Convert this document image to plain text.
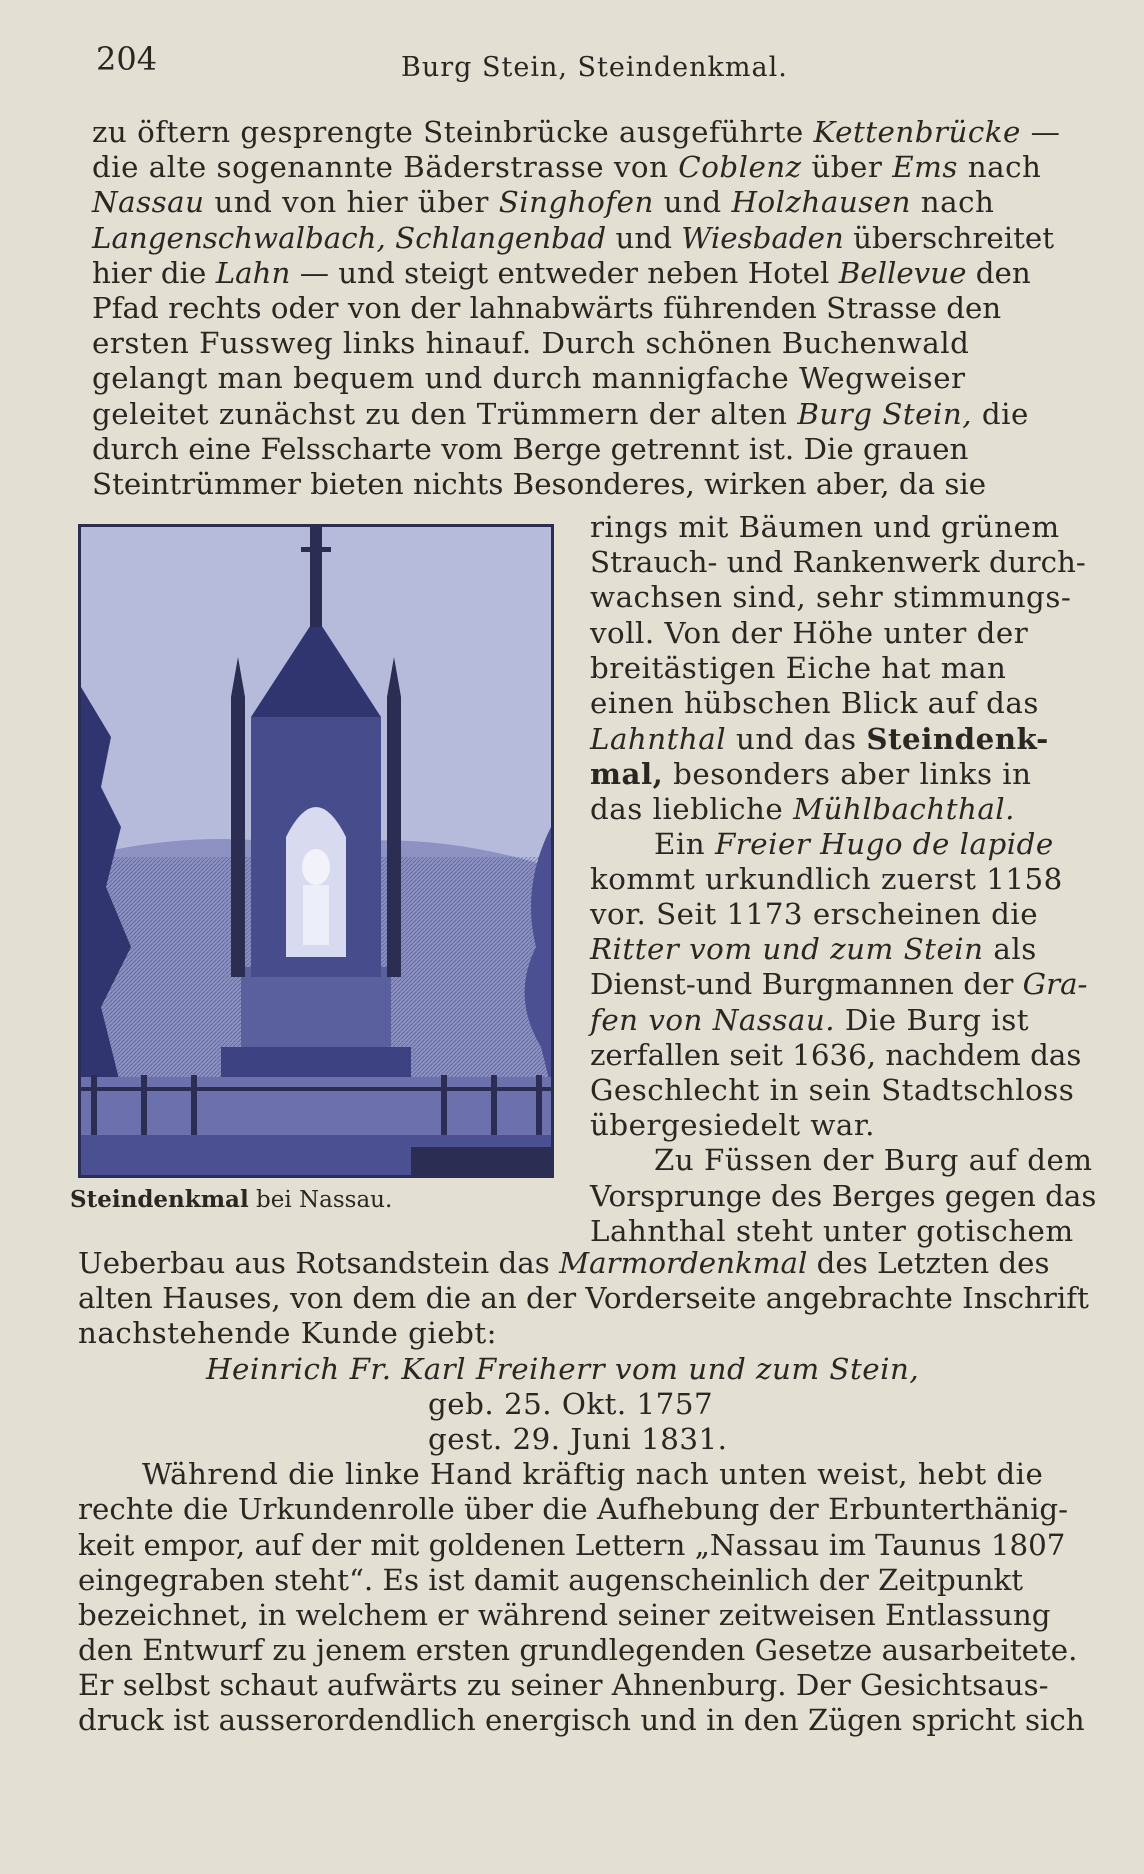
204	Burg Stein, Steindenkmal.
zu öftern gesprengte Steinbrücke ausgeführte Kettenbrücke —
die alte sogenannte Bäderstrasse von Coblenz über Ems nach
Nassau und von hier über Singhofen und Holzhausen nach
Langenschwalbach, Schlangenbad und Wiesbaden überschreitet
hier die Lahn — und steigt entweder neben Hotel Bellevue den
Pfad rechts oder von der lahnabwärts führenden Strasse den
ersten Fussweg links hinauf. Durch schönen Buchenwald
gelangt man bequem und durch mannigfache Wegweiser
geleitet zunächst zu den Trümmern der alten Burg Stein, die
durch eine Felsscharte vom Berge getrennt ist. Die grauen
Steintrümmer bieten nichts Besonderes, wirken aber, da sie
Steindenkmal bei Nassau.
rings mit Bäumen und grünem
Strauch- und Rankenwerk durch-
wachsen sind, sehr stimmungs-
voll. Von der Höhe unter der
breitästigen Eiche hat man
einen hübschen Blick auf das
Lahnthal und das Steindenk-
mal, besonders aber links in
das liebliche Mühlbachthal.
Ein Freier Hugo de lapide
kommt urkundlich zuerst 1158
vor. Seit 1173 erscheinen die
Ritter vom und zum Stein als
Dienst-und Burgmannen der Gra-
fen von Nassau. Die Burg ist
zerfallen seit 1636, nachdem das
Geschlecht in sein Stadtschloss
übergesiedelt war.
Zu Füssen der Burg auf dem
Vorsprunge des Berges gegen das
Lahnthal steht unter gotischem
Ueberbau aus Rotsandstein das Marmordenkmal des Letzten des
alten Hauses, von dem die an der Vorderseite angebrachte Inschrift
nachstehende Kunde giebt:
Heinrich Fr. Karl Freiherr vom und zum Stein,
geb. 25. Okt. 1757
gest. 29. Juni 1831.
Während die linke Hand kräftig nach unten weist, hebt die
rechte die Urkundenrolle über die Aufhebung der Erbunterthänig-
keit empor, auf der mit goldenen Lettern „Nassau im Taunus 1807
eingegraben steht“. Es ist damit augenscheinlich der Zeitpunkt
bezeichnet, in welchem er während seiner zeitweisen Entlassung
den Entwurf zu jenem ersten grundlegenden Gesetze ausarbeitete.
Er selbst schaut aufwärts zu seiner Ahnenburg. Der Gesichtsaus-
druck ist ausserordendlich energisch und in den Zügen spricht sich
